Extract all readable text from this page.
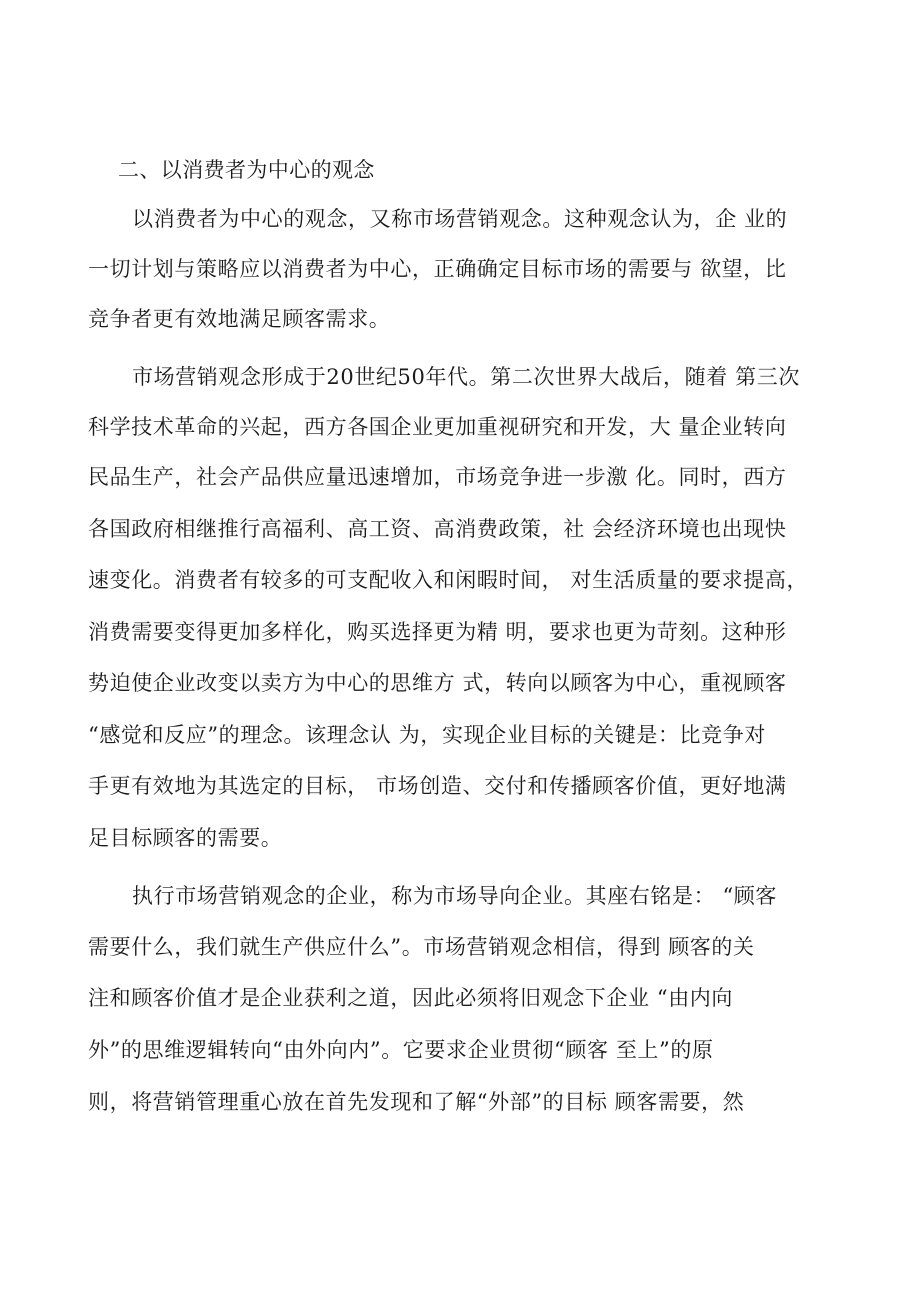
二、以消费者为中心的观念
以消费者为中心的观念，又称市场营销观念。这种观念认为，企 业的
一切计划与策略应以消费者为中心，正确确定目标市场的需要与 欲望，比
竞争者更有效地满足顾客需求。
市场营销观念形成于20世纪50年代。第二次世界大战后，随着 第三次
科学技术革命的兴起，西方各国企业更加重视研究和开发，大 量企业转向
民品生产，社会产品供应量迅速增加，市场竞争进一步激 化。同时，西方
各国政府相继推行高福利、高工资、高消费政策，社 会经济环境也出现快
速变化。消费者有较多的可支配收入和闲暇时间， 对生活质量的要求提高，
消费需要变得更加多样化，购买选择更为精 明，要求也更为苛刻。这种形
势迫使企业改变以卖方为中心的思维方 式，转向以顾客为中心，重视顾客
“感觉和反应”的理念。该理念认 为，实现企业目标的关键是：比竞争对
手更有效地为其选定的目标， 市场创造、交付和传播顾客价值，更好地满
足目标顾客的需要。
执行市场营销观念的企业，称为市场导向企业。其座右铭是： “顾客
需要什么，我们就生产供应什么”。市场营销观念相信，得到 顾客的关
注和顾客价值才是企业获利之道，因此必须将旧观念下企业 “由内向
外”的思维逻辑转向“由外向内”。它要求企业贯彻“顾客 至上”的原
则，将营销管理重心放在首先发现和了解“外部”的目标 顾客需要，然
